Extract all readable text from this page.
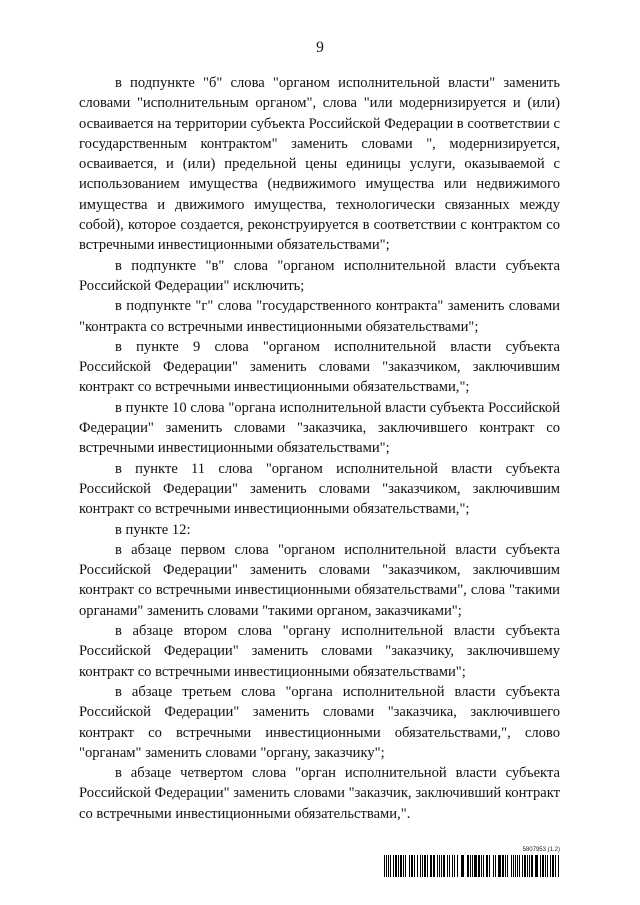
9

в подпункте "б" слова "органом исполнительной власти" заменить словами "исполнительным органом", слова "или модернизируется и (или) осваивается на территории субъекта Российской Федерации в соответствии с государственным контрактом" заменить словами ", модернизируется, осваивается, и (или) предельной цены единицы услуги, оказываемой с использованием имущества (недвижимого имущества или недвижимого имущества и движимого имущества, технологически связанных между собой), которое создается, реконструируется в соответствии с контрактом со встречными инвестиционными обязательствами";

в подпункте "в" слова "органом исполнительной власти субъекта Российской Федерации" исключить;

в подпункте "г" слова "государственного контракта" заменить словами "контракта со встречными инвестиционными обязательствами";

в пункте 9 слова "органом исполнительной власти субъекта Российской Федерации" заменить словами "заказчиком, заключившим контракт со встречными инвестиционными обязательствами,";

в пункте 10 слова "органа исполнительной власти субъекта Российской Федерации" заменить словами "заказчика, заключившего контракт со встречными инвестиционными обязательствами";

в пункте 11 слова "органом исполнительной власти субъекта Российской Федерации" заменить словами "заказчиком, заключившим контракт со встречными инвестиционными обязательствами,";

в пункте 12:

в абзаце первом слова "органом исполнительной власти субъекта Российской Федерации" заменить словами "заказчиком, заключившим контракт со встречными инвестиционными обязательствами", слова "такими органами" заменить словами "такими органом, заказчиками";

в абзаце втором слова "органу исполнительной власти субъекта Российской Федерации" заменить словами "заказчику, заключившему контракт со встречными инвестиционными обязательствами";

в абзаце третьем слова "органа исполнительной власти субъекта Российской Федерации" заменить словами "заказчика, заключившего контракт со встречными инвестиционными обязательствами,", слово "органам" заменить словами "органу, заказчику";

в абзаце четвертом слова "орган исполнительной власти субъекта Российской Федерации" заменить словами "заказчик, заключивший контракт со встречными инвестиционными обязательствами,".

5807953 (1.2)
